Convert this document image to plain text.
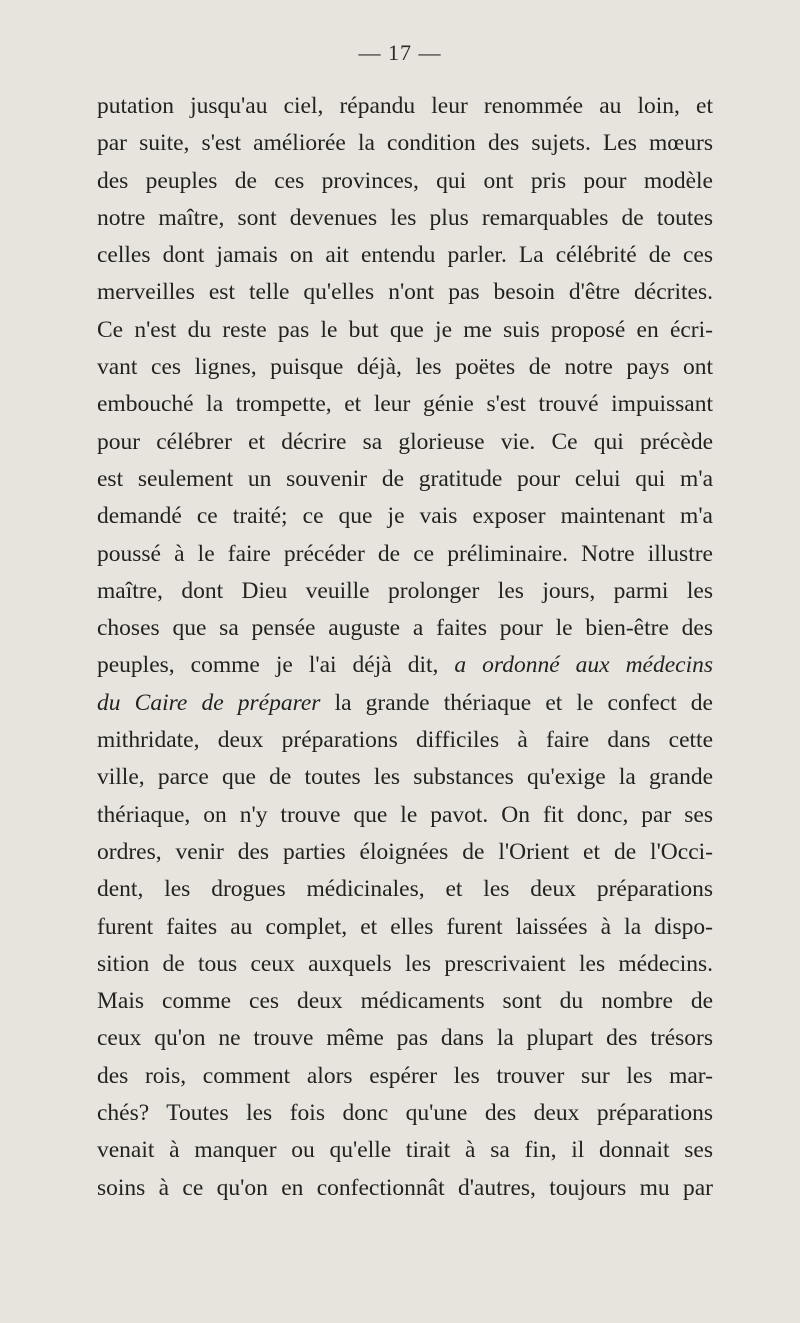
— 17 —
putation jusqu'au ciel, répandu leur renommée au loin, et
par suite, s'est améliorée la condition des sujets. Les mœurs
des peuples de ces provinces, qui ont pris pour modèle
notre maître, sont devenues les plus remarquables de toutes
celles dont jamais on ait entendu parler. La célébrité de ces
merveilles est telle qu'elles n'ont pas besoin d'être décrites.
Ce n'est du reste pas le but que je me suis proposé en écri-
vant ces lignes, puisque déjà, les poëtes de notre pays ont
embouché la trompette, et leur génie s'est trouvé impuissant
pour célébrer et décrire sa glorieuse vie. Ce qui précède
est seulement un souvenir de gratitude pour celui qui m'a
demandé ce traité; ce que je vais exposer maintenant m'a
poussé à le faire précéder de ce préliminaire. Notre illustre
maître, dont Dieu veuille prolonger les jours, parmi les
choses que sa pensée auguste a faites pour le bien-être des
peuples, comme je l'ai déjà dit, a ordonné aux médecins
du Caire de préparer la grande thériaque et le confect de
mithridate, deux préparations difficiles à faire dans cette
ville, parce que de toutes les substances qu'exige la grande
thériaque, on n'y trouve que le pavot. On fit donc, par ses
ordres, venir des parties éloignées de l'Orient et de l'Occi-
dent, les drogues médicinales, et les deux préparations
furent faites au complet, et elles furent laissées à la dispo-
sition de tous ceux auxquels les prescrivaient les médecins.
Mais comme ces deux médicaments sont du nombre de
ceux qu'on ne trouve même pas dans la plupart des trésors
des rois, comment alors espérer les trouver sur les mar-
chés? Toutes les fois donc qu'une des deux préparations
venait à manquer ou qu'elle tirait à sa fin, il donnait ses
soins à ce qu'on en confectionnât d'autres, toujours mu par
